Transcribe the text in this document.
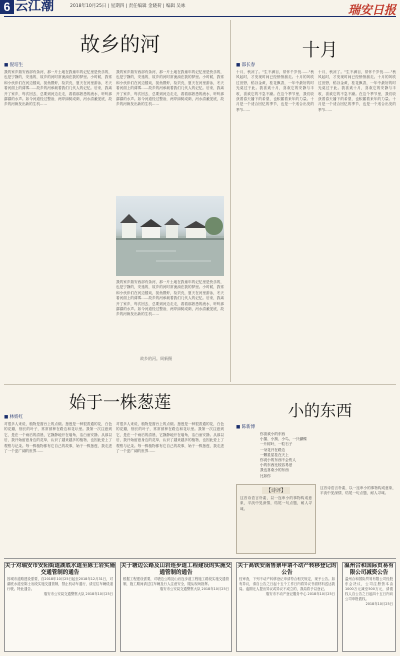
6 云江潮	2018年10月25日 | 星期四 | 责任编辑 金晓荷 | 编辑 吴咏	瑞安日报
故乡的河
■ 倪培生
我的家乡瑞安西部有条河，那一片土地在我童年的记忆里是快乐的，也是宁静的，安逸的，故乡的河时常流淌在我的梦里。小时候，我常和小伙伴们在河边嬉戏，捉鱼摸虾，捡贝壳，夏天在河里游泳，冬天看河面上的薄雾……故乡的河承载着我们几代人的记忆。后来，我离开了家乡，每次回去，总要到河边走走，看看那熟悉的流水，听听那潺潺的水声。如今河道经过整治，两岸绿树成荫，河水清澈见底，故乡的河焕发出新的生机……
我的家乡瑞安西部有条河，那一片土地在我童年的记忆里是快乐的，也是宁静的，安逸的，故乡的河时常流淌在我的梦里。小时候，我常和小伙伴们在河边嬉戏，捉鱼摸虾，捡贝壳，夏天在河里游泳，冬天看河面上的薄雾……故乡的河承载着我们几代人的记忆。后来，我离开了家乡，每次回去，总要到河边走走，看看那熟悉的流水，听听那潺潺的水声。如今河道经过整治，两岸绿树成荫，河水清澈见底，故乡的河焕发出新的生机……
我的家乡瑞安西部有条河，那一片土地在我童年的记忆里是快乐的，也是宁静的，安逸的，故乡的河时常流淌在我的梦里。小时候，我常和小伙伴们在河边嬉戏，捉鱼摸虾，捡贝壳，夏天在河里游泳，冬天看河面上的薄雾……故乡的河承载着我们几代人的记忆。后来，我离开了家乡，每次回去，总要到河边走走，看看那熟悉的流水，听听那潺潺的水声。如今河道经过整治，两岸绿树成荫，河水清澈见底，故乡的河焕发出新的生机……
故乡的河。周新摄
十月
■ 邵长春
十月，秋凉了。"生不满百，常怀千岁忧……"秋风起时，才发现时间已经悄悄溜走。十月的风吹过田野，稻谷金黄，桂花飘香，一年中最好的时光莫过于此。我喜欢十月，喜欢它的安静与丰收，喜欢它的不急不躁。在这个季节里，我们收获着春天播下的希望，也积蓄着来年的力量。十月是一个适合回忆的季节，也是一个适合出发的季节……
十月，秋凉了。"生不满百，常怀千岁忧……"秋风起时，才发现时间已经悄悄溜走。十月的风吹过田野，稻谷金黄，桂花飘香，一年中最好的时光莫过于此。我喜欢十月，喜欢它的安静与丰收，喜欢它的不急不躁。在这个季节里，我们收获着春天播下的希望，也积蓄着来年的力量。十月是一个适合回忆的季节，也是一个适合出发的季节……
始于一株葱莲
■ 林娇红
对很多人来说，植物是窗台上的点缀。葱莲是一种很普通的花，白色的花瓣，细长的叶子，常常被种在路边和花坛里。我第一次注意到它，是在一个雨后的清晨，它静静地开在墙角，洁白而安静。从那以后，我开始留意身边的花草，认识了越来越多的植物，也因此爱上了观察与记录。每一株植物都有它自己的故事，始于一株葱莲，我走进了一个更广阔的世界……
对很多人来说，植物是窗台上的点缀。葱莲是一种很普通的花，白色的花瓣，细长的叶子，常常被种在路边和花坛里。我第一次注意到它，是在一个雨后的清晨，它静静地开在墙角，洁白而安静。从那以后，我开始留意身边的花草，认识了越来越多的植物，也因此爱上了观察与记录。每一株植物都有它自己的故事，始于一株葱莲，我走进了一个更广阔的世界……
小的东西
■ 陈新博
你喜欢小的东西
小猫、小狗、小鸟，一只蝴蝶
一片树叶，一粒石子
一朵花开在路边
一颗星星挂在天上
你说小的东西不会伤人
小的东西比较容易爱
我也喜欢小的东西
比如你
【诗评】
这首诗语言朴素，以一连串小的事物构成意象，平淡中见深情，结尾一句点题，耐人寻味。
这首诗语言朴素，以一连串小的事物构成意象，平淡中见深情，结尾一句点题，耐人寻味。
关于对瑞安市安阳街道湖底水道至陈士岩实施交通管制的通告
因城市道路建设需要，自2018年10月25日起至2018年12月31日，对湖底水道至陈士岩段实施交通管制，禁止机动车通行，请过往车辆绕道行驶。特此通告。
瑞安市公安局交通警察大队 2018年10月25日
关于塘边公路及山岩连步道工程建设的实施交通管制的通告
根据工程建设需要，对塘边公路及山岩连步道工程施工路段实施交通管制，施工期间请过往车辆及行人注意安全，服从现场指挥。
瑞安市公安局交通警察大队 2018年10月25日
关于高铁安南售票申请不动产转移登记的公告
经审查，下列不动产转移登记申请符合相关规定，现予公告。如有异议，请自公告之日起十五个工作日内将异议书面材料送达我局。逾期无人提出异议或异议不成立的，我局将予以登记。
瑞安市不动产登记服务中心 2018年10月25日
温州合和国际贸易有限公司减资公告
温州合和国际贸易有限公司经股东会决议，公司注册资本由1000万元减至500万元，请债权人自公告之日起四十五日内向公司申报债权。
2018年10月25日
